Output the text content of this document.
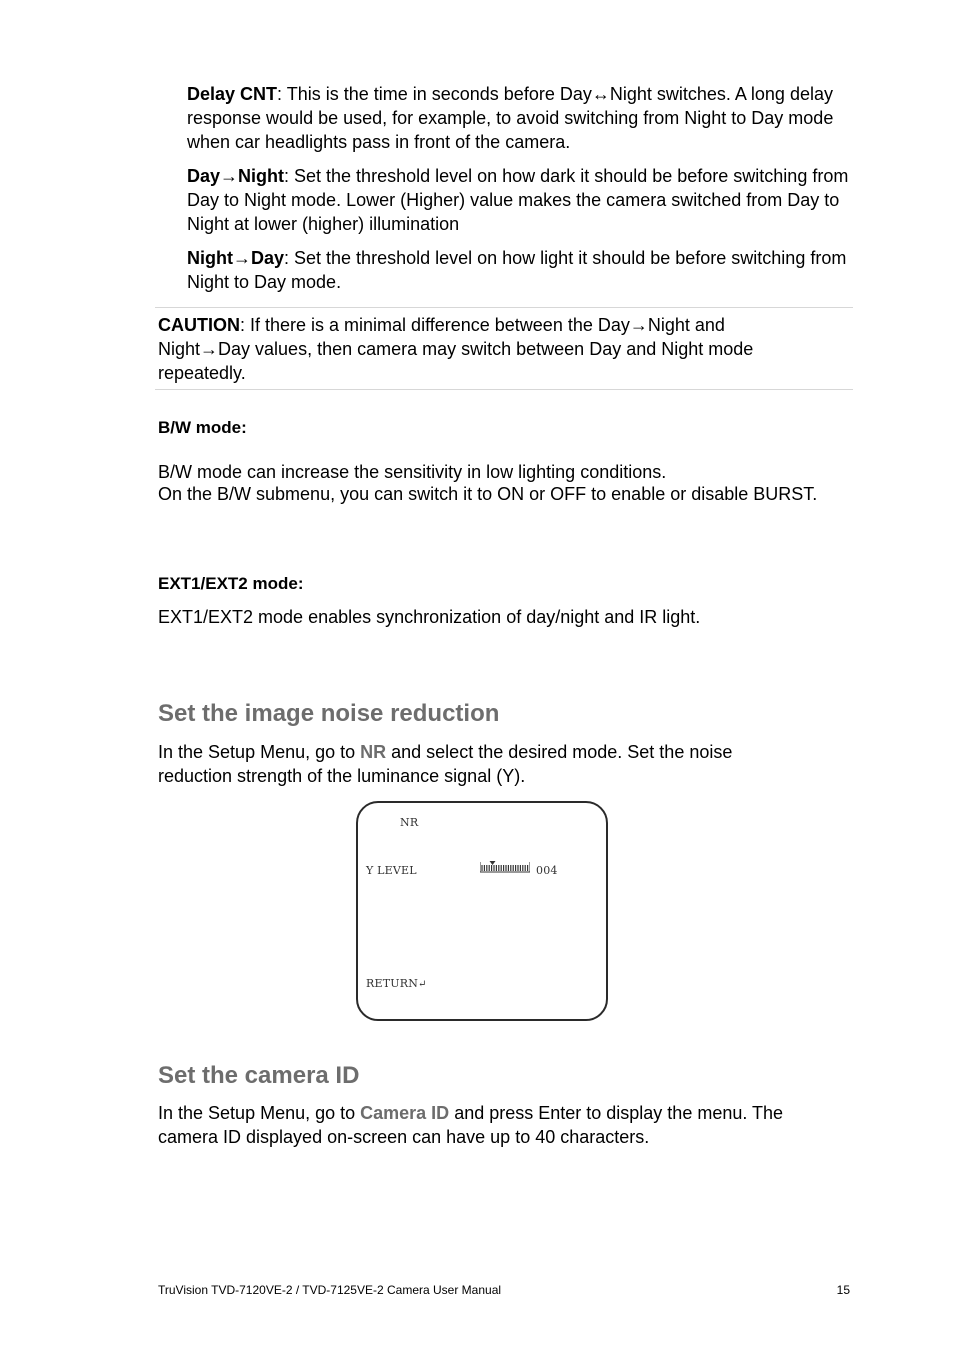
Delay CNT: This is the time in seconds before Day↔Night switches. A long delay response would be used, for example, to avoid switching from Night to Day mode when car headlights pass in front of the camera.

Day→Night: Set the threshold level on how dark it should be before switching from Day to Night mode. Lower (Higher) value makes the camera switched from Day to Night at lower (higher) illumination

Night→Day: Set the threshold level on how light it should be before switching from Night to Day mode.

CAUTION: If there is a minimal difference between the Day→Night and Night→Day values, then camera may switch between Day and Night mode repeatedly.

B/W mode:

B/W mode can increase the sensitivity in low lighting conditions.

On the B/W submenu, you can switch it to ON or OFF to enable or disable BURST.

EXT1/EXT2 mode:

EXT1/EXT2 mode enables synchronization of day/night and IR light.

Set the image noise reduction

In the Setup Menu, go to NR and select the desired mode. Set the noise reduction strength of the luminance signal (Y).

NR
Y LEVEL	004
RETURN↵
Set the camera ID

In the Setup Menu, go to Camera ID and press Enter to display the menu. The camera ID displayed on-screen can have up to 40 characters.

TruVision TVD-7120VE-2 / TVD-7125VE-2 Camera User Manual	15
